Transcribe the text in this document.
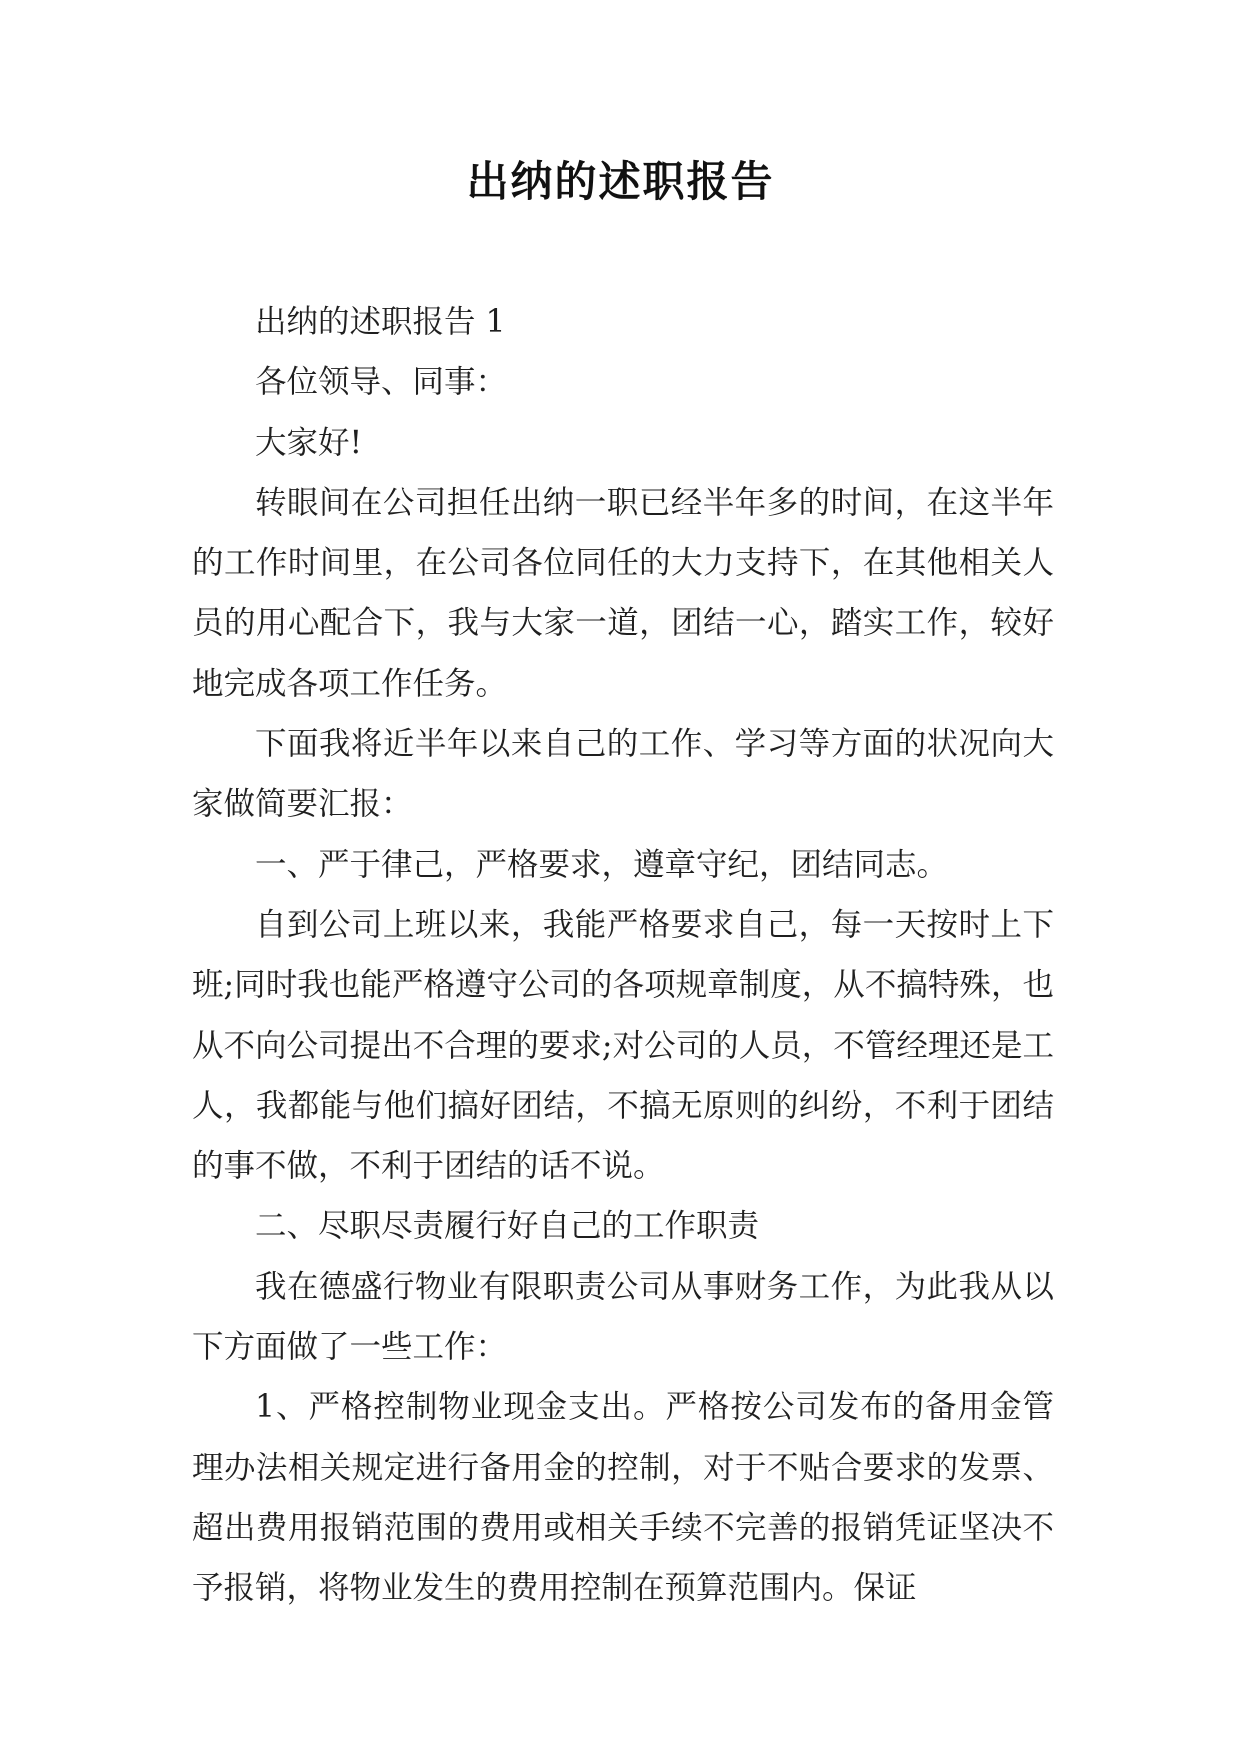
出纳的述职报告

出纳的述职报告 1

各位领导、同事：

大家好!

转眼间在公司担任出纳一职已经半年多的时间，在这半年的工作时间里，在公司各位同任的大力支持下，在其他相关人员的用心配合下，我与大家一道，团结一心，踏实工作，较好地完成各项工作任务。

下面我将近半年以来自己的工作、学习等方面的状况向大家做简要汇报：

一、严于律己，严格要求，遵章守纪，团结同志。

自到公司上班以来，我能严格要求自己，每一天按时上下班;同时我也能严格遵守公司的各项规章制度，从不搞特殊，也从不向公司提出不合理的要求;对公司的人员，不管经理还是工人，我都能与他们搞好团结，不搞无原则的纠纷，不利于团结的事不做，不利于团结的话不说。

二、尽职尽责履行好自己的工作职责

我在德盛行物业有限职责公司从事财务工作，为此我从以下方面做了一些工作：

1、严格控制物业现金支出。严格按公司发布的备用金管理办法相关规定进行备用金的控制，对于不贴合要求的发票、超出费用报销范围的费用或相关手续不完善的报销凭证坚决不予报销，将物业发生的费用控制在预算范围内。保证
